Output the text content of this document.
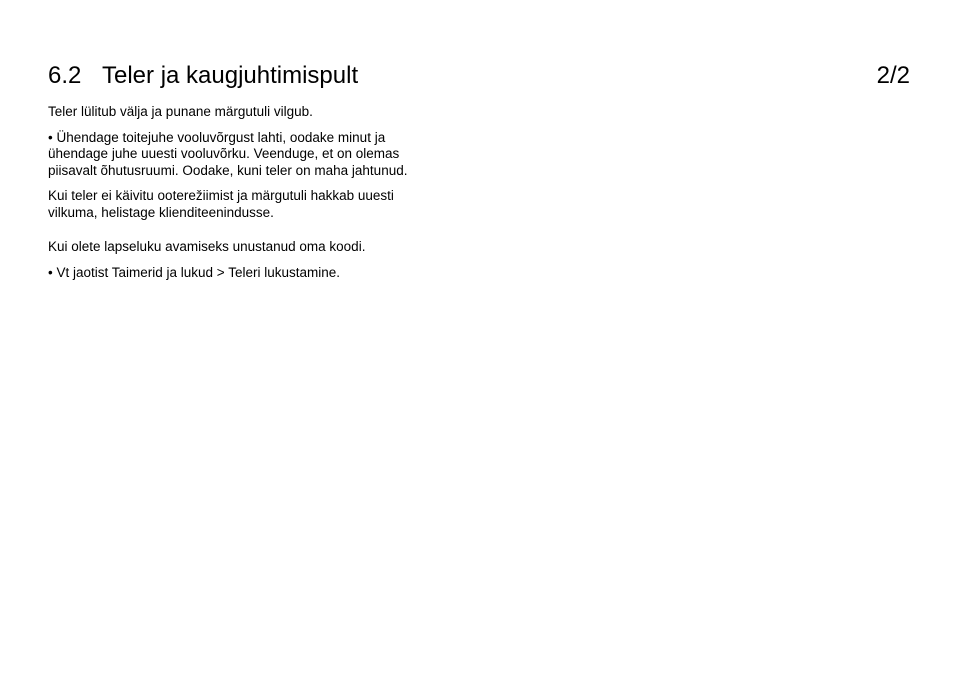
6.2 Teler ja kaugjuhtimispult	2/2

Teler lülitub välja ja punane märgutuli vilgub.

• Ühendage toitejuhe vooluvõrgust lahti, oodake minut ja ühendage juhe uuesti vooluvõrku. Veenduge, et on olemas piisavalt õhutusruumi. Oodake, kuni teler on maha jahtunud.

Kui teler ei käivitu ooterežiimist ja märgutuli hakkab uuesti vilkuma, helistage klienditeenindusse.

Kui olete lapseluku avamiseks unustanud oma koodi.

• Vt jaotist Taimerid ja lukud > Teleri lukustamine.
